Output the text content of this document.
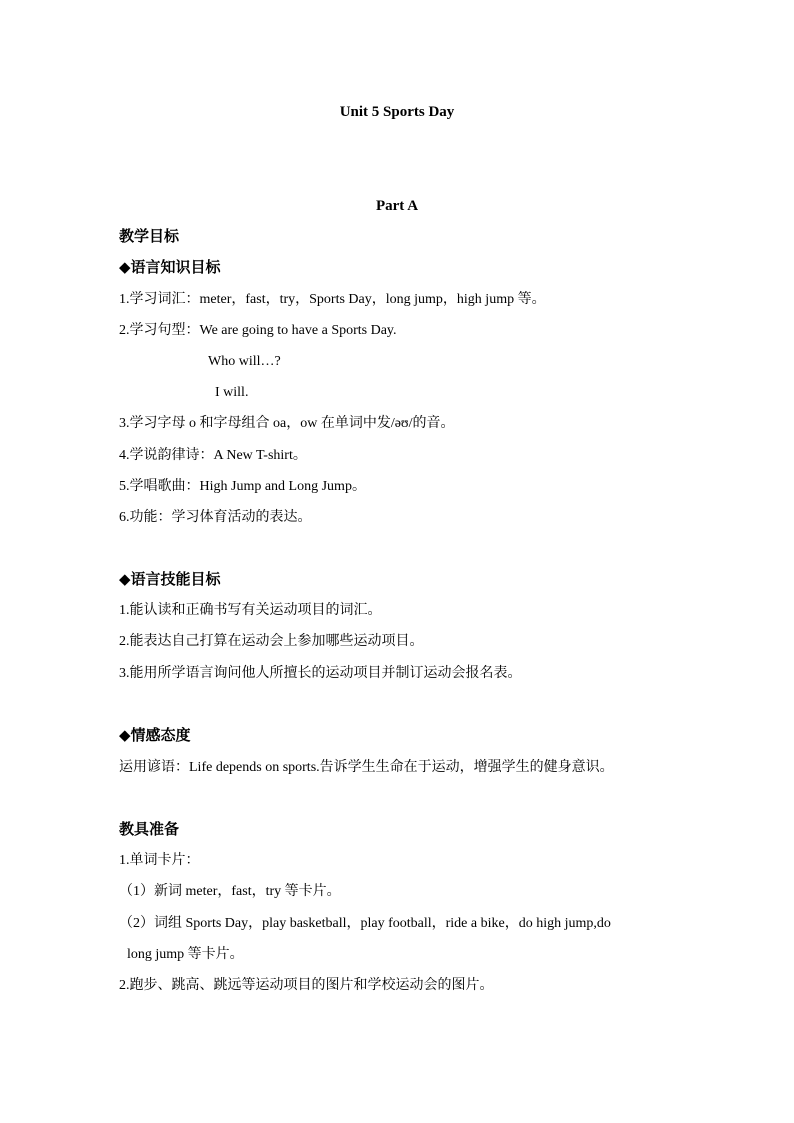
Unit 5 Sports Day
Part A
教学目标
◆语言知识目标
1.学习词汇：meter，fast，try，Sports Day，long jump，high jump 等。
2.学习句型：We are going to have a Sports Day.
Who will…?
I will.
3.学习字母 o 和字母组合 oa，ow 在单词中发/əʊ/的音。
4.学说韵律诗：A New T-shirt。
5.学唱歌曲：High Jump and Long Jump。
6.功能：学习体育活动的表达。
◆语言技能目标
1.能认读和正确书写有关运动项目的词汇。
2.能表达自己打算在运动会上参加哪些运动项目。
3.能用所学语言询问他人所擅长的运动项目并制订运动会报名表。
◆情感态度
运用谚语：Life depends on sports.告诉学生生命在于运动，增强学生的健身意识。
教具准备
1.单词卡片：
（1）新词 meter，fast，try 等卡片。
（2）词组 Sports Day，play basketball，play football，ride a bike，do high jump,do
long jump 等卡片。
2.跑步、跳高、跳远等运动项目的图片和学校运动会的图片。
